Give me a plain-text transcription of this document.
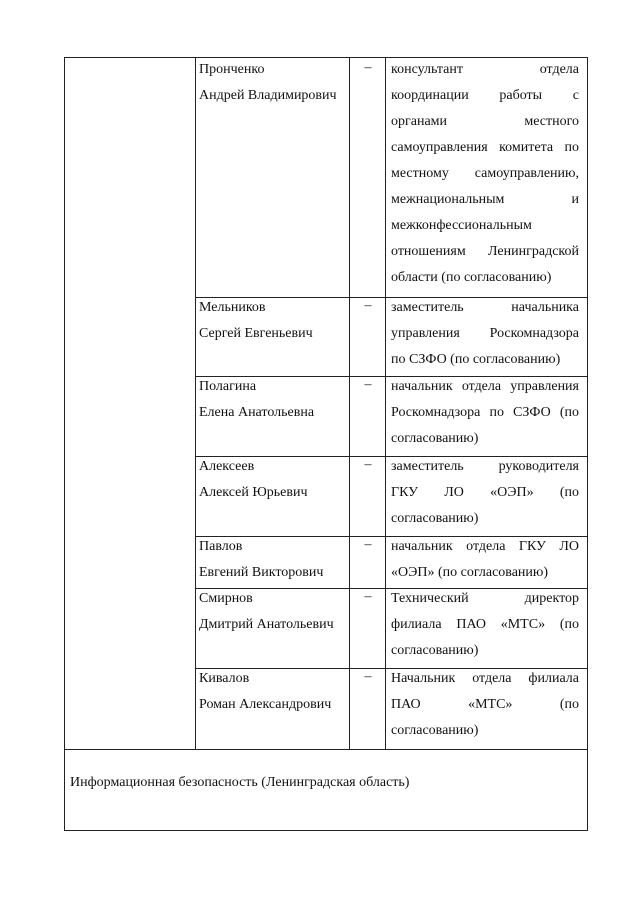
Пронченко
Андрей Владимирович
–	консультант отдела
координации работы с
органами местного
самоуправления комитета по
местному самоуправлению,
межнациональным и
межконфессиональным
отношениям Ленинградской
области (по согласованию)
Мельников
Сергей Евгеньевич
–	заместитель начальника
управления Роскомнадзора
по СЗФО (по согласованию)
Полагина
Елена Анатольевна
–	начальник отдела управления
Роскомнадзора по СЗФО (по
согласованию)
Алексеев
Алексей Юрьевич
–	заместитель руководителя
ГКУ ЛО «ОЭП» (по
согласованию)
Павлов
Евгений Викторович
–	начальник отдела ГКУ ЛО
«ОЭП» (по согласованию)
Смирнов
Дмитрий Анатольевич
–	Технический директор
филиала ПАО «МТС» (по
согласованию)
Кивалов
Роман Александрович
–	Начальник отдела филиала
ПАО «МТС» (по
согласованию)
Информационная безопасность (Ленинградская область)
